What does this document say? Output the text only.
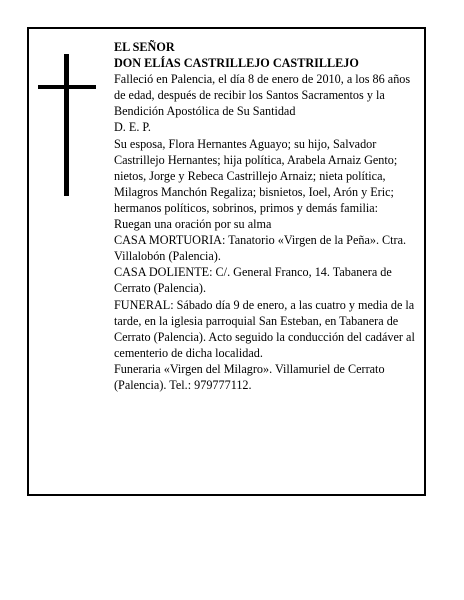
EL SEÑOR

DON ELÍAS CASTRILLEJO CASTRILLEJO

Falleció en Palencia, el día 8 de enero de 2010, a los 86 años de edad, después de recibir los Santos Sacramentos y la Bendición Apostólica de Su Santidad

D. E. P.

Su esposa, Flora Hernantes Aguayo; su hijo, Salvador Castrillejo Hernantes; hija política, Arabela Arnaiz Gento; nietos, Jorge y Rebeca Castrillejo Arnaiz; nieta política, Milagros Manchón Regaliza; bisnietos, Ioel, Arón y Eric; hermanos políticos, sobrinos, primos y demás familia:

Ruegan una oración por su alma

CASA MORTUORIA: Tanatorio «Virgen de la Peña». Ctra. Villalobón (Palencia).

CASA DOLIENTE: C/. General Franco, 14. Tabanera de Cerrato (Palencia).

FUNERAL: Sábado día 9 de enero, a las cuatro y media de la tarde, en la iglesia parroquial San Esteban, en Tabanera de Cerrato (Palencia). Acto seguido la conducción del cadáver al cementerio de dicha localidad.

Funeraria «Virgen del Milagro». Villamuriel de Cerrato (Palencia). Tel.: 979777112.
